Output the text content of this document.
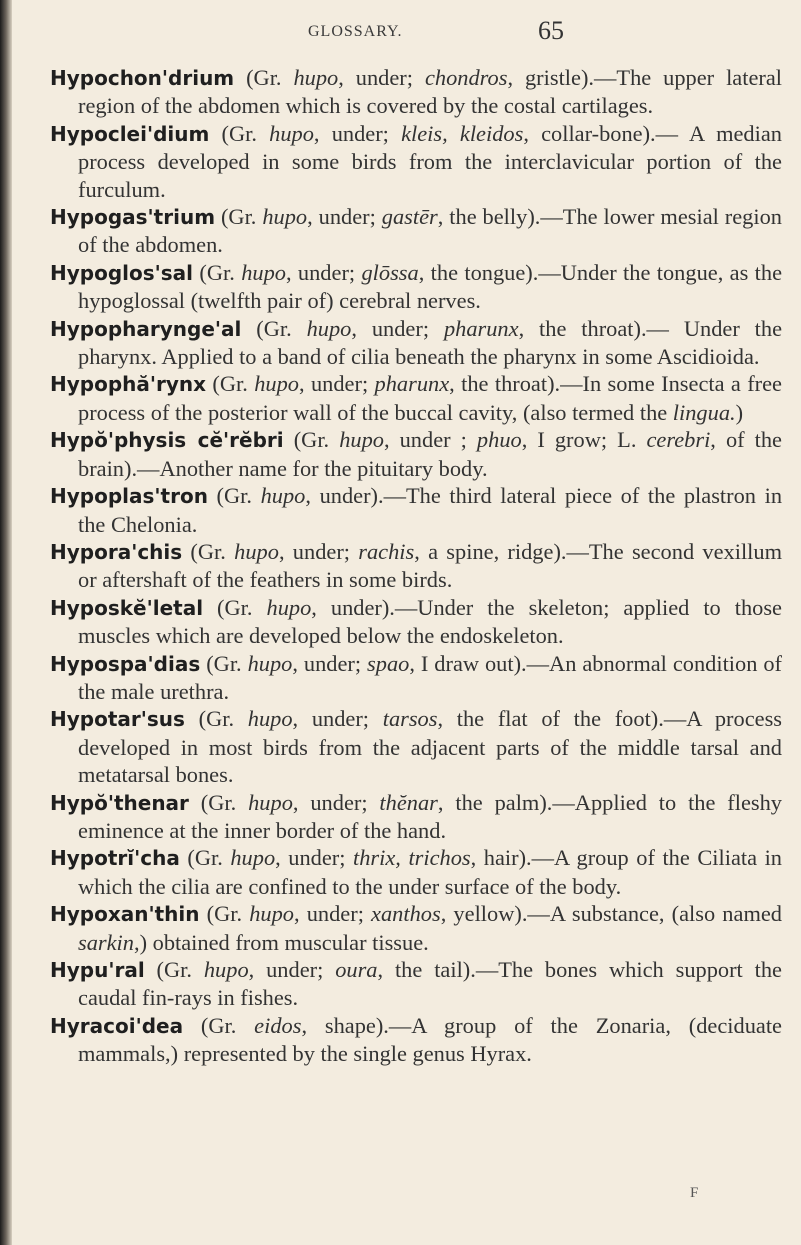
GLOSSARY.	65

Hypochon'drium (Gr. hupo, under; chondros, gristle).—The upper lateral region of the abdomen which is covered by the costal cartilages.

Hypoclei'dium (Gr. hupo, under; kleis, kleidos, collar-bone).— A median process developed in some birds from the interclavicular portion of the furculum.

Hypogas'trium (Gr. hupo, under; gastēr, the belly).—The lower mesial region of the abdomen.

Hypoglos'sal (Gr. hupo, under; glōssa, the tongue).—Under the tongue, as the hypoglossal (twelfth pair of) cerebral nerves.

Hypopharynge'al (Gr. hupo, under; pharunx, the throat).— Under the pharynx. Applied to a band of cilia beneath the pharynx in some Ascidioida.

Hypophă'rynx (Gr. hupo, under; pharunx, the throat).—In some Insecta a free process of the posterior wall of the buccal cavity, (also termed the lingua.)

Hypŏ'physis cĕ'rĕbri (Gr. hupo, under ; phuo, I grow; L. cerebri, of the brain).—Another name for the pituitary body.

Hypoplas'tron (Gr. hupo, under).—The third lateral piece of the plastron in the Chelonia.

Hypora'chis (Gr. hupo, under; rachis, a spine, ridge).—The second vexillum or aftershaft of the feathers in some birds.

Hyposkĕ'letal (Gr. hupo, under).—Under the skeleton; applied to those muscles which are developed below the endoskeleton.

Hypospa'dias (Gr. hupo, under; spao, I draw out).—An abnormal condition of the male urethra.

Hypotar'sus (Gr. hupo, under; tarsos, the flat of the foot).—A process developed in most birds from the adjacent parts of the middle tarsal and metatarsal bones.

Hypŏ'thenar (Gr. hupo, under; thĕnar, the palm).—Applied to the fleshy eminence at the inner border of the hand.

Hypotrĭ'cha (Gr. hupo, under; thrix, trichos, hair).—A group of the Ciliata in which the cilia are confined to the under surface of the body.

Hypoxan'thin (Gr. hupo, under; xanthos, yellow).—A substance, (also named sarkin,) obtained from muscular tissue.

Hypu'ral (Gr. hupo, under; oura, the tail).—The bones which support the caudal fin-rays in fishes.

Hyracoi'dea (Gr. eidos, shape).—A group of the Zonaria, (deciduate mammals,) represented by the single genus Hyrax.

F
